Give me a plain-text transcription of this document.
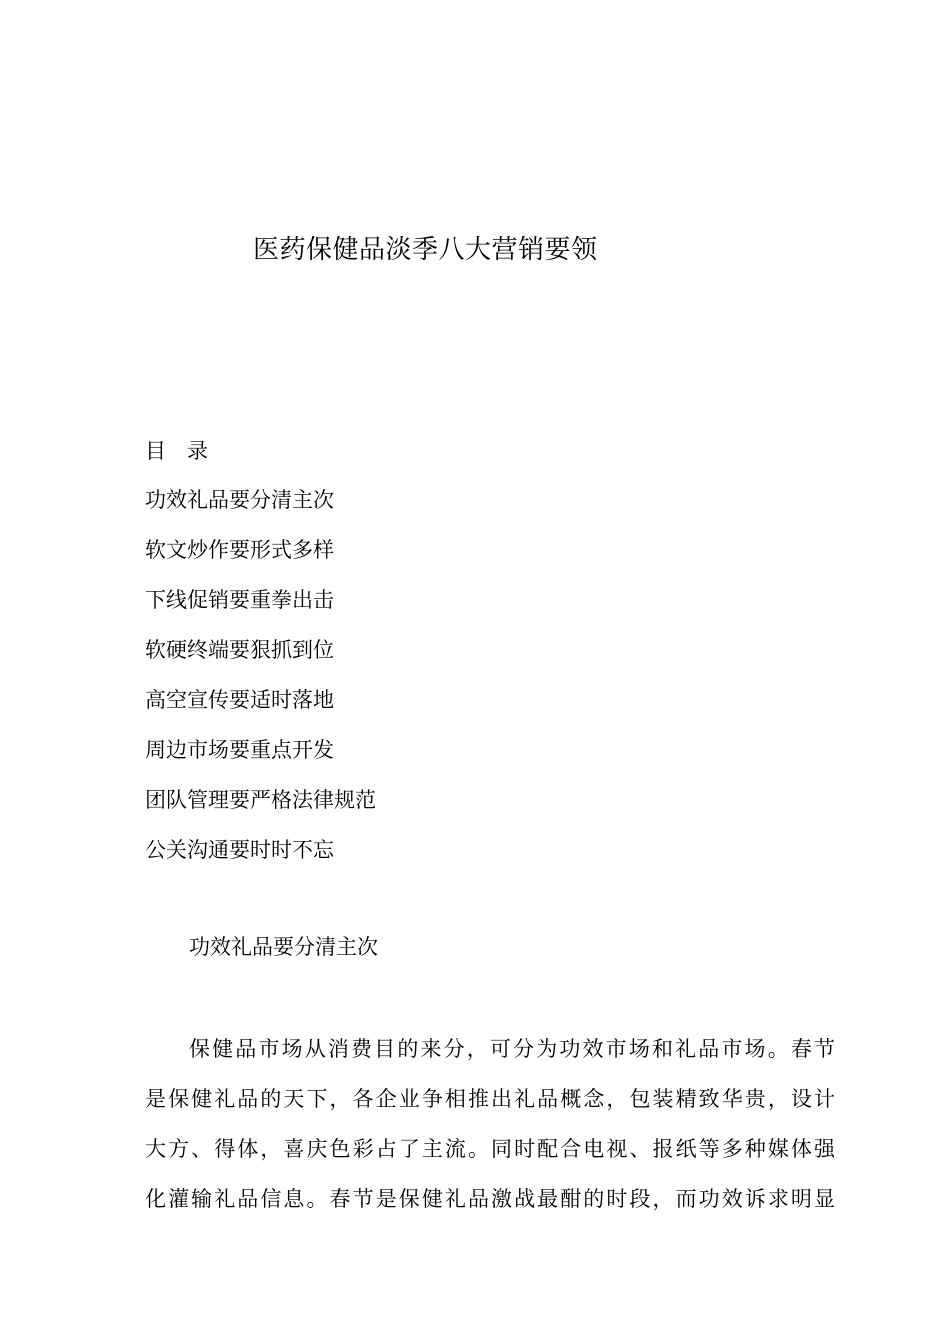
医药保健品淡季八大营销要领
目 录
功效礼品要分清主次
软文炒作要形式多样
下线促销要重拳出击
软硬终端要狠抓到位
高空宣传要适时落地
周边市场要重点开发
团队管理要严格法律规范
公关沟通要时时不忘
功效礼品要分清主次
保健品市场从消费目的来分，可分为功效市场和礼品市场。春节
是保健礼品的天下，各企业争相推出礼品概念，包装精致华贵，设计
大方、得体，喜庆色彩占了主流。同时配合电视、报纸等多种媒体强
化灌输礼品信息。春节是保健礼品激战最酣的时段，而功效诉求明显
